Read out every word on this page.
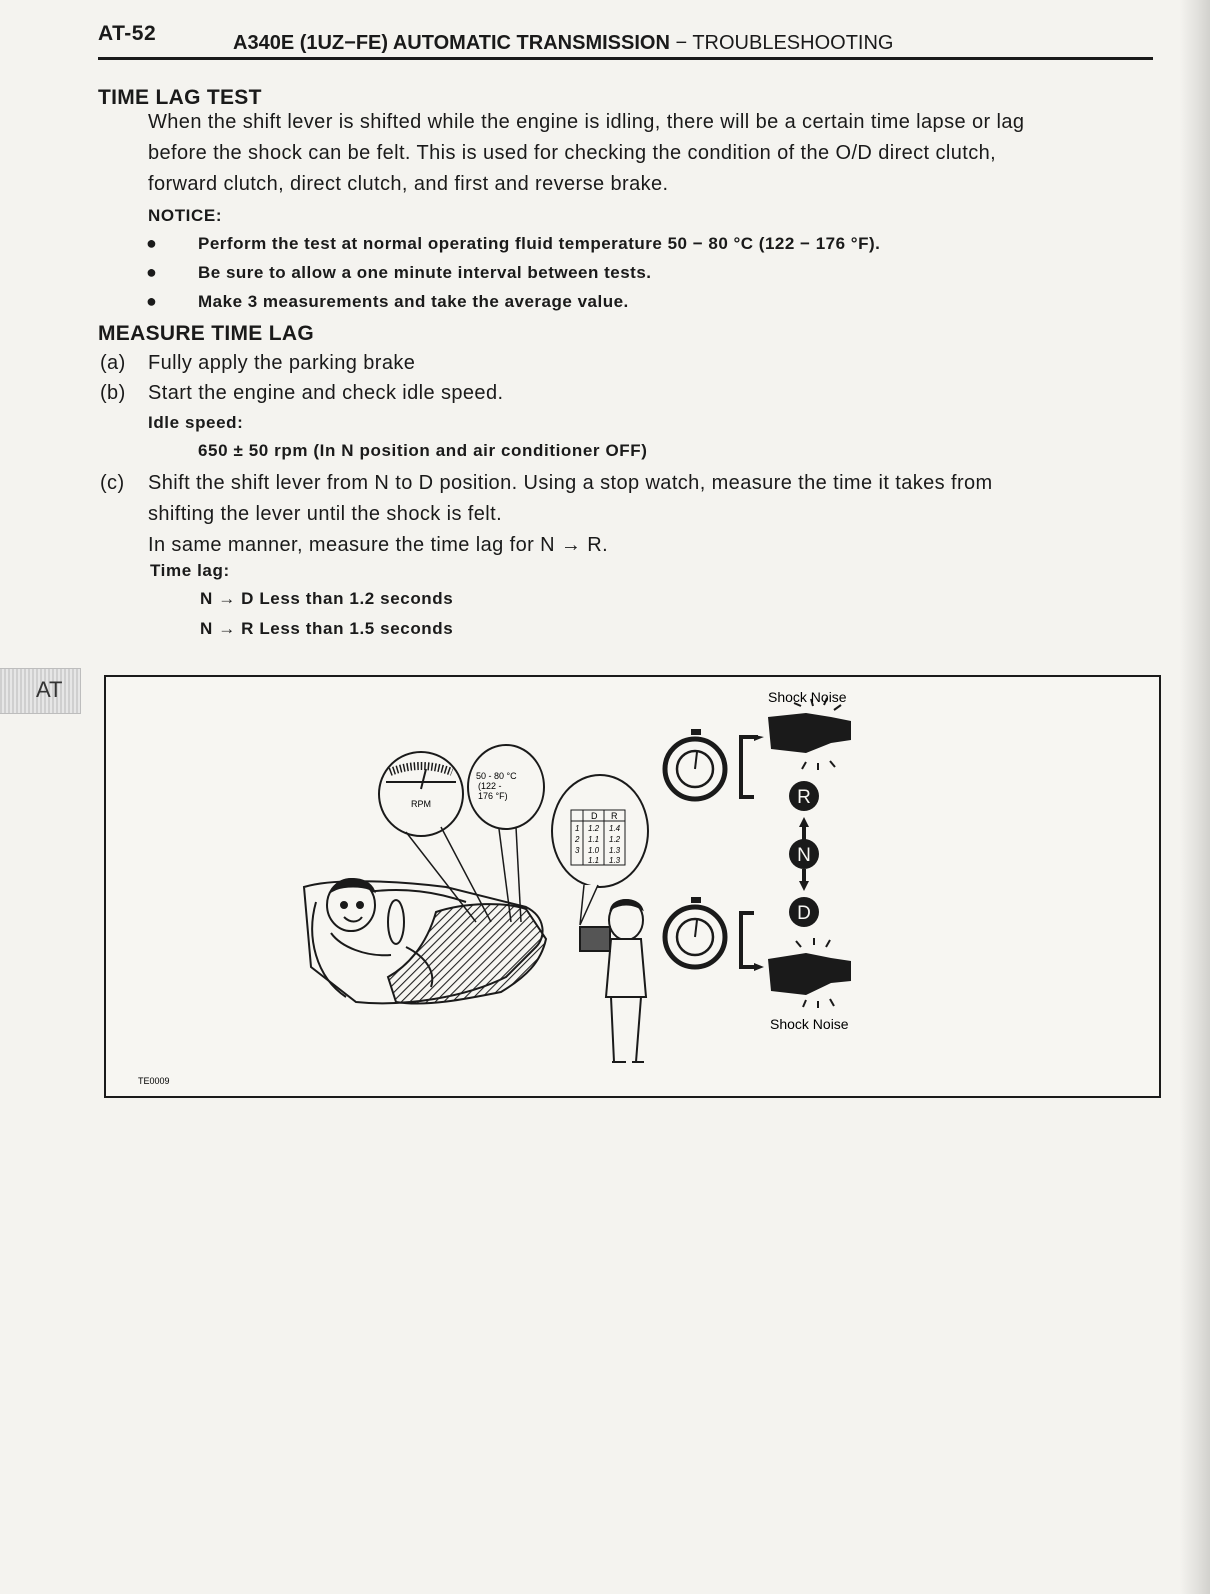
AT-52	A340E (1UZ−FE) AUTOMATIC TRANSMISSION − TROUBLESHOOTING
TIME LAG TEST
When the shift lever is shifted while the engine is idling, there will be a certain time lapse or lag
before the shock can be felt. This is used for checking the condition of the O/D direct clutch,
forward clutch, direct clutch, and first and reverse brake.
NOTICE:
● Perform the test at normal operating fluid temperature 50 − 80 °C (122 − 176 °F).
● Be sure to allow a one minute interval between tests.
● Make 3 measurements and take the average value.
MEASURE TIME LAG
(a) Fully apply the parking brake
(b) Start the engine and check idle speed.
Idle speed:
650 ± 50 rpm (In N position and air conditioner OFF)
(c) Shift the shift lever from N to D position. Using a stop watch, measure the time it takes from
shifting the lever until the shock is felt.
In same manner, measure the time lag for N → R.
Time lag:
N → D Less than 1.2 seconds
N → R Less than 1.5 seconds
AT
RPM
50 - 80 °C
(122 -
176 °F)
D R
1 1.2 1.4
2 1.1 1.2
3 1.0 1.3
1.1 1.3
Shock Noise
Shock Noise
R
N
D
TE0009
